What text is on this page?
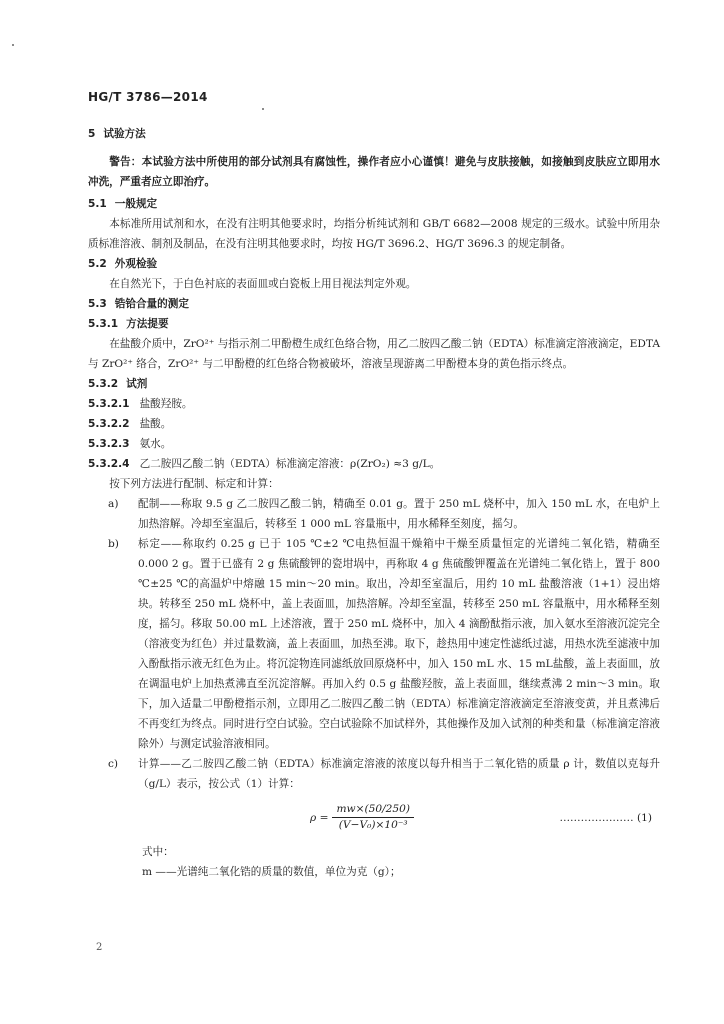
HG/T 3786—2014
5 试验方法
警告：本试验方法中所使用的部分试剂具有腐蚀性，操作者应小心谨慎！避免与皮肤接触，如接触到皮肤应立即用水冲洗，严重者应立即治疗。
5.1 一般规定
本标准所用试剂和水，在没有注明其他要求时，均指分析纯试剂和 GB/T 6682—2008 规定的三级水。试验中所用杂质标准溶液、制剂及制品，在没有注明其他要求时，均按 HG/T 3696.2、HG/T 3696.3 的规定制备。
5.2 外观检验
在自然光下，于白色衬底的表面皿或白瓷板上用目视法判定外观。
5.3 锆铪合量的测定
5.3.1 方法提要
在盐酸介质中，ZrO²⁺ 与指示剂二甲酚橙生成红色络合物，用乙二胺四乙酸二钠（EDTA）标准滴定溶液滴定，EDTA 与 ZrO²⁺ 络合，ZrO²⁺ 与二甲酚橙的红色络合物被破坏，溶液呈现游离二甲酚橙本身的黄色指示终点。
5.3.2 试剂
5.3.2.1 盐酸羟胺。
5.3.2.2 盐酸。
5.3.2.3 氨水。
5.3.2.4 乙二胺四乙酸二钠（EDTA）标准滴定溶液：ρ(ZrO₂) ≈3 g/L。
按下列方法进行配制、标定和计算：
a)	配制——称取 9.5 g 乙二胺四乙酸二钠，精确至 0.01 g。置于 250 mL 烧杯中，加入 150 mL 水，在电炉上加热溶解。冷却至室温后，转移至 1 000 mL 容量瓶中，用水稀释至刻度，摇匀。
b)	标定——称取约 0.25 g 已于 105 ℃±2 ℃电热恒温干燥箱中干燥至质量恒定的光谱纯二氧化锆，精确至 0.000 2 g。置于已盛有 2 g 焦硫酸钾的瓷坩埚中，再称取 4 g 焦硫酸钾覆盖在光谱纯二氧化锆上，置于 800 ℃±25 ℃的高温炉中熔融 15 min～20 min。取出，冷却至室温后，用约 10 mL 盐酸溶液（1+1）浸出熔块。转移至 250 mL 烧杯中，盖上表面皿，加热溶解。冷却至室温，转移至 250 mL 容量瓶中，用水稀释至刻度，摇匀。移取 50.00 mL 上述溶液，置于 250 mL 烧杯中，加入 4 滴酚酞指示液，加入氨水至溶液沉淀完全（溶液变为红色）并过量数滴，盖上表面皿，加热至沸。取下，趁热用中速定性滤纸过滤，用热水洗至滤液中加入酚酞指示液无红色为止。将沉淀物连同滤纸放回原烧杯中，加入 150 mL 水、15 mL盐酸，盖上表面皿，放在调温电炉上加热煮沸直至沉淀溶解。再加入约 0.5 g 盐酸羟胺，盖上表面皿，继续煮沸 2 min～3 min。取下，加入适量二甲酚橙指示剂，立即用乙二胺四乙酸二钠（EDTA）标准滴定溶液滴定至溶液变黄，并且煮沸后不再变红为终点。同时进行空白试验。空白试验除不加试样外，其他操作及加入试剂的种类和量（标准滴定溶液除外）与测定试验溶液相同。
c)	计算——乙二胺四乙酸二钠（EDTA）标准滴定溶液的浓度以每升相当于二氧化锆的质量 ρ 计，数值以克每升（g/L）表示，按公式（1）计算：
$\rho = \frac{mw\times(50/250)}{\text{(V−V₀)×10⁻³}}$	………………… (1)
式中：
m ——光谱纯二氧化锆的质量的数值，单位为克（g）；
2
